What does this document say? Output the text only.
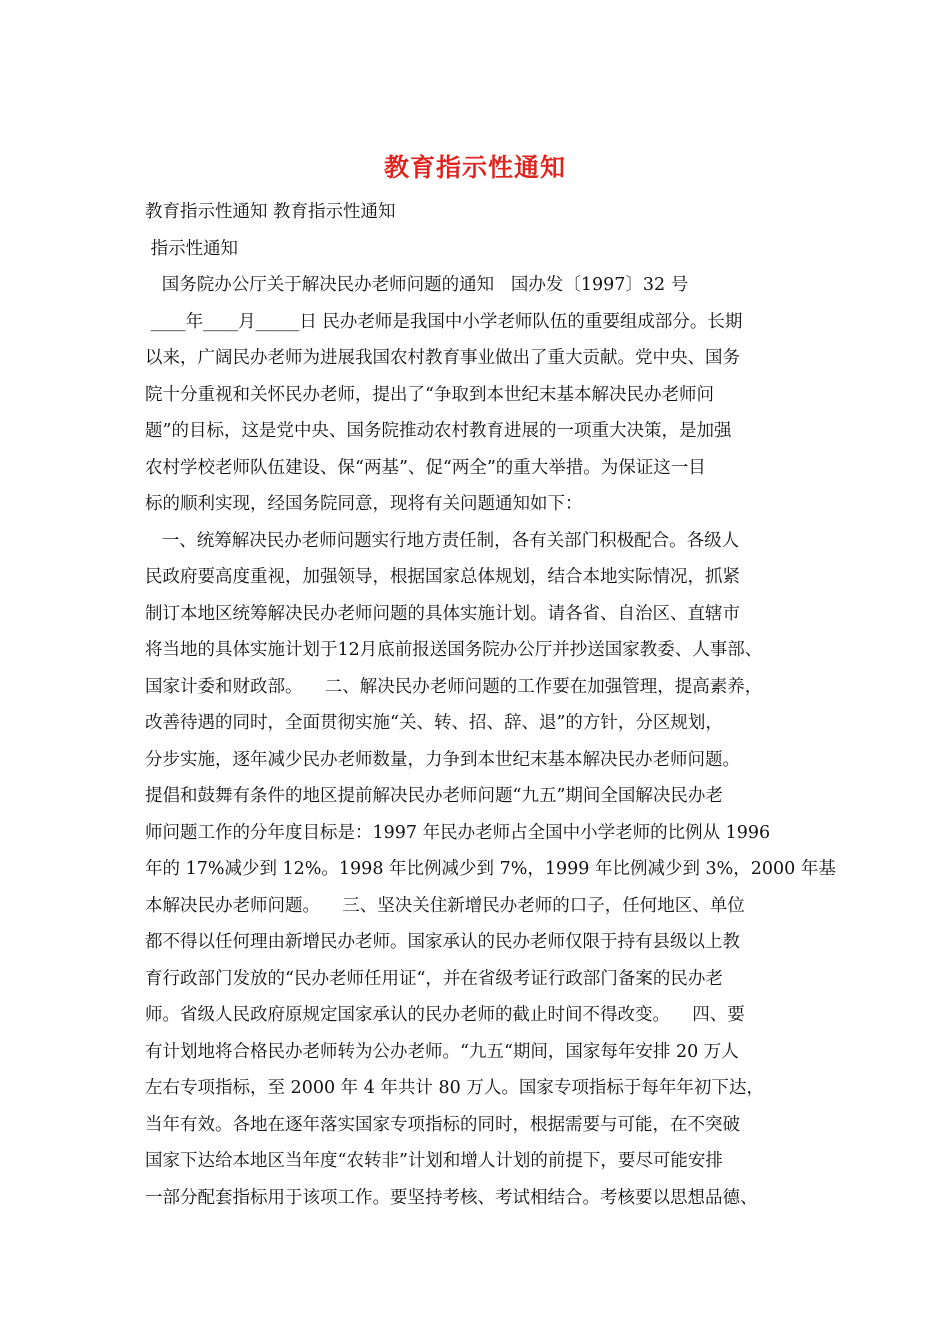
教育指示性通知
教育指示性通知 教育指示性通知
指示性通知
国务院办公厅关于解决民办老师问题的通知   国办发〔1997〕32 号
____年____月_____日 民办老师是我国中小学老师队伍的重要组成部分。长期
以来，广阔民办老师为进展我国农村教育事业做出了重大贡献。党中央、国务
院十分重视和关怀民办老师，提出了“争取到本世纪末基本解决民办老师问
题”的目标，这是党中央、国务院推动农村教育进展的一项重大决策，是加强
农村学校老师队伍建设、保“两基”、促“两全”的重大举措。为保证这一目
标的顺利实现，经国务院同意，现将有关问题通知如下：
一、统筹解决民办老师问题实行地方责任制，各有关部门积极配合。各级人
民政府要高度重视，加强领导，根据国家总体规划，结合本地实际情况，抓紧
制订本地区统筹解决民办老师问题的具体实施计划。请各省、自治区、直辖市
将当地的具体实施计划于12月底前报送国务院办公厅并抄送国家教委、人事部、
国家计委和财政部。    二、解决民办老师问题的工作要在加强管理，提高素养，
改善待遇的同时，全面贯彻实施“关、转、招、辞、退”的方针，分区规划，
分步实施，逐年减少民办老师数量，力争到本世纪末基本解决民办老师问题。
提倡和鼓舞有条件的地区提前解决民办老师问题“九五”期间全国解决民办老
师问题工作的分年度目标是：1997 年民办老师占全国中小学老师的比例从 1996
年的 17%减少到 12%。1998 年比例减少到 7%，1999 年比例减少到 3%，2000 年基
本解决民办老师问题。    三、坚决关住新增民办老师的口子，任何地区、单位
都不得以任何理由新增民办老师。国家承认的民办老师仅限于持有县级以上教
育行政部门发放的“民办老师任用证“，并在省级考证行政部门备案的民办老
师。省级人民政府原规定国家承认的民办老师的截止时间不得改变。    四、要
有计划地将合格民办老师转为公办老师。“九五“期间，国家每年安排 20 万人
左右专项指标，至 2000 年 4 年共计 80 万人。国家专项指标于每年年初下达，
当年有效。各地在逐年落实国家专项指标的同时，根据需要与可能，在不突破
国家下达给本地区当年度“农转非”计划和增人计划的前提下，要尽可能安排
一部分配套指标用于该项工作。要坚持考核、考试相结合。考核要以思想品德、
